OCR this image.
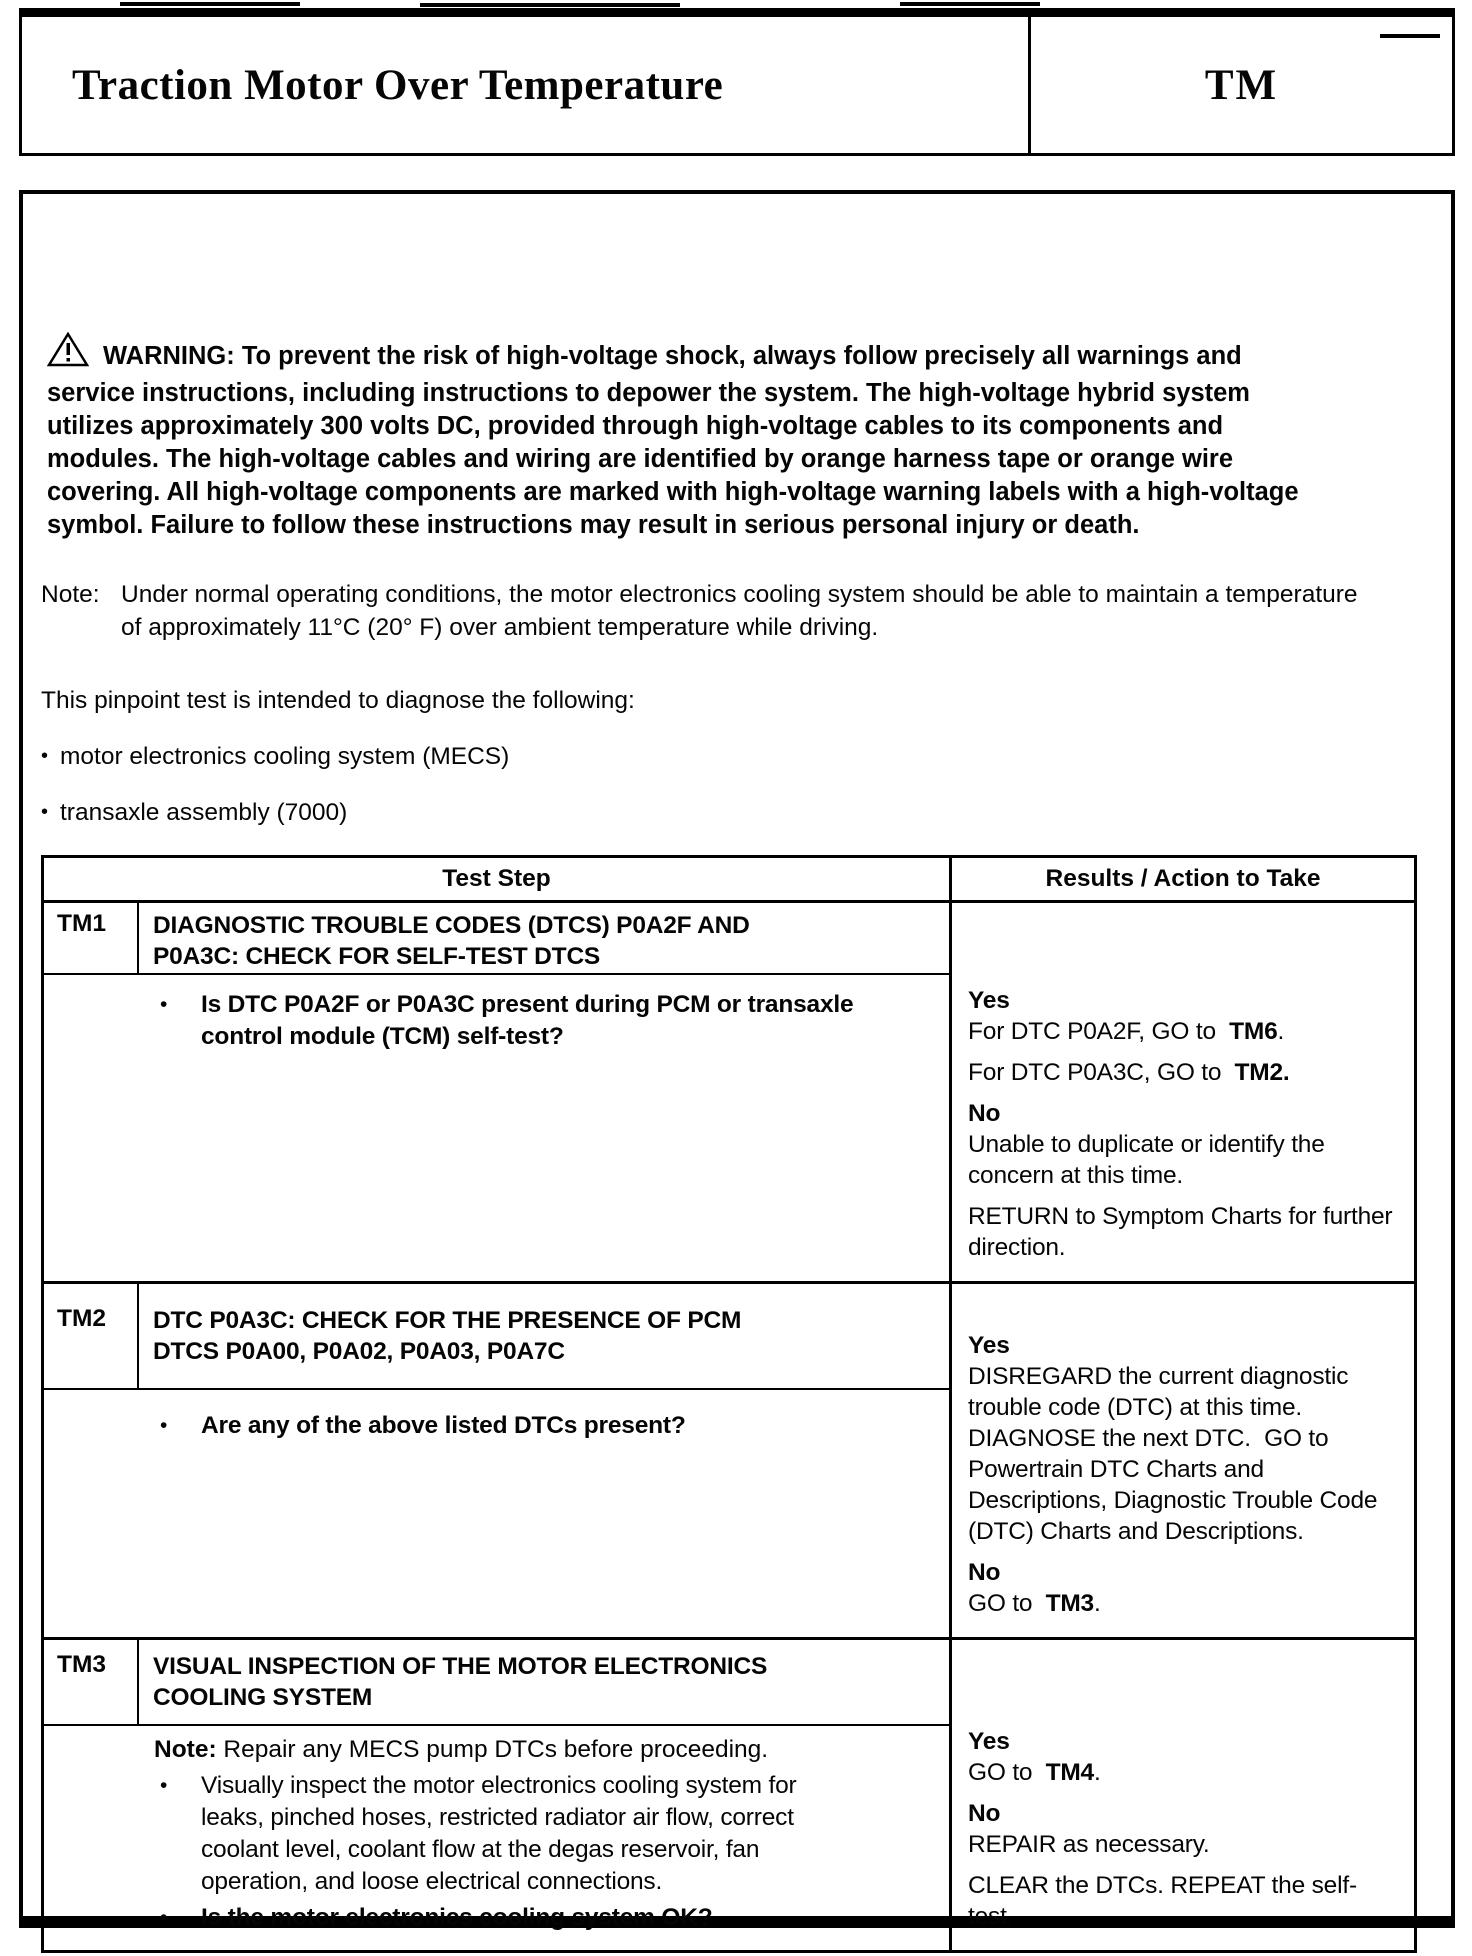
Traction Motor Over Temperature	TM
WARNING: To prevent the risk of high-voltage shock, always follow precisely all warnings and service instructions, including instructions to depower the system. The high-voltage hybrid system utilizes approximately 300 volts DC, provided through high-voltage cables to its components and modules. The high-voltage cables and wiring are identified by orange harness tape or orange wire covering. All high-voltage components are marked with high-voltage warning labels with a high-voltage symbol. Failure to follow these instructions may result in serious personal injury or death.
Note: Under normal operating conditions, the motor electronics cooling system should be able to maintain a temperature of approximately 11°C (20° F) over ambient temperature while driving.
This pinpoint test is intended to diagnose the following:
• motor electronics cooling system (MECS)
• transaxle assembly (7000)
Test Step	Results / Action to Take
TM1	DIAGNOSTIC TROUBLE CODES (DTCS) P0A2F AND P0A3C: CHECK FOR SELF-TEST DTCS
•	Is DTC P0A2F or P0A3C present during PCM or transaxle control module (TCM) self-test?
Yes
For DTC P0A2F, GO to  TM6.
For DTC P0A3C, GO to  TM2.
No
Unable to duplicate or identify the concern at this time.
RETURN to Symptom Charts for further direction.
TM2	DTC P0A3C: CHECK FOR THE PRESENCE OF PCM DTCS P0A00, P0A02, P0A03, P0A7C
•	Are any of the above listed DTCs present?
Yes
DISREGARD the current diagnostic trouble code (DTC) at this time. DIAGNOSE the next DTC.  GO to Powertrain DTC Charts and Descriptions, Diagnostic Trouble Code (DTC) Charts and Descriptions.
No
GO to  TM3.
TM3	VISUAL INSPECTION OF THE MOTOR ELECTRONICS COOLING SYSTEM
Note: Repair any MECS pump DTCs before proceeding.
•	Visually inspect the motor electronics cooling system for leaks, pinched hoses, restricted radiator air flow, correct coolant level, coolant flow at the degas reservoir, fan operation, and loose electrical connections.
•	Is the motor electronics cooling system OK?
Yes
GO to  TM4.
No
REPAIR as necessary.
CLEAR the DTCs. REPEAT the self-test.
